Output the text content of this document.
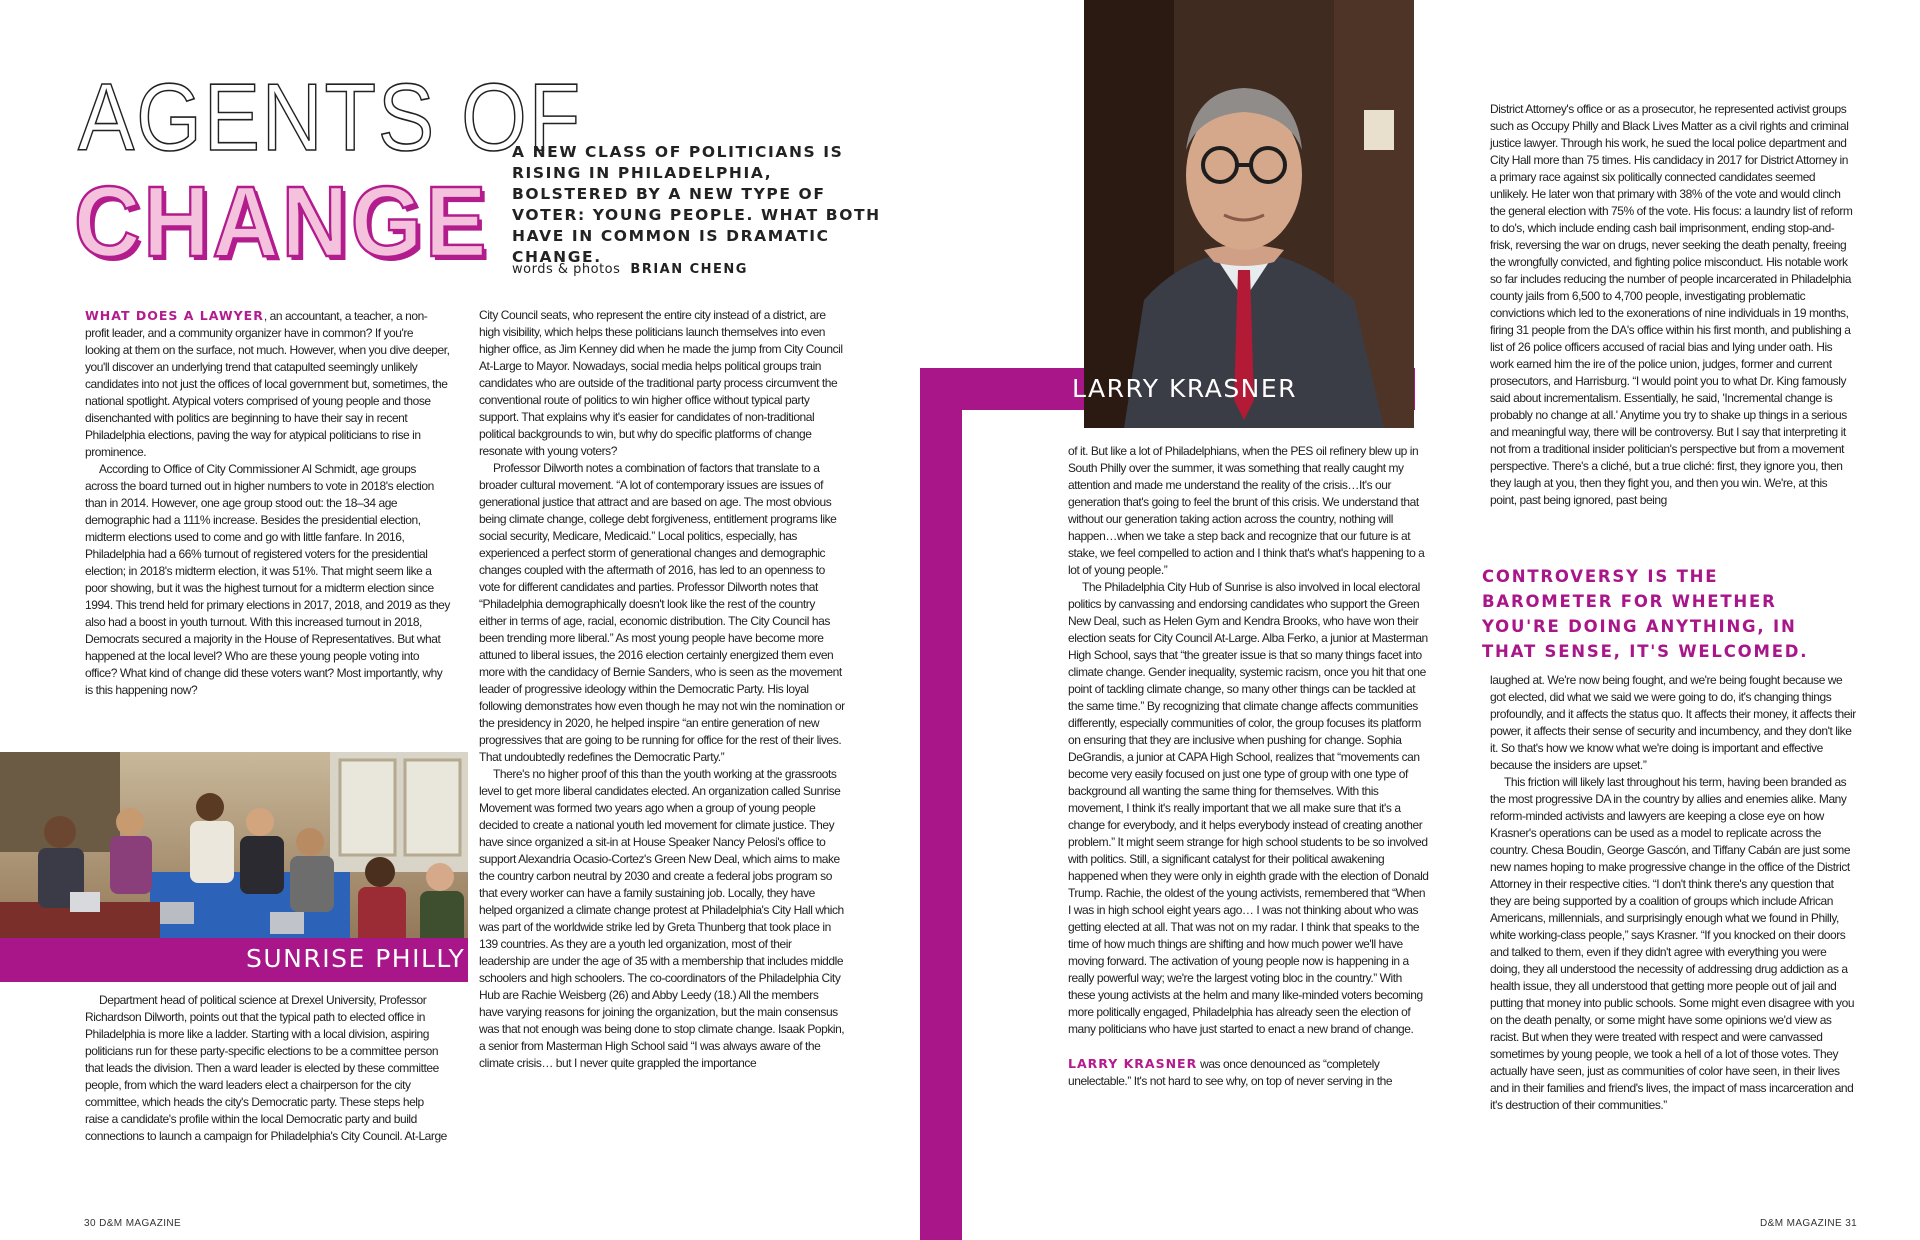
AGENTS OF
CHANGE
A NEW CLASS OF POLITICIANS IS RISING IN PHILADELPHIA, BOLSTERED BY A NEW TYPE OF VOTER: YOUNG PEOPLE. WHAT BOTH HAVE IN COMMON IS DRAMATIC CHANGE.
words & photos BRIAN CHENG

WHAT DOES A LAWYER, an accountant, a teacher, a non-profit leader, and a community organizer have in common? If you're looking at them on the surface, not much. However, when you dive deeper, you'll discover an underlying trend that catapulted seemingly unlikely candidates into not just the offices of local government but, sometimes, the national spotlight. Atypical voters comprised of young people and those disenchanted with politics are beginning to have their say in recent Philadelphia elections, paving the way for atypical politicians to rise in prominence.

According to Office of City Commissioner Al Schmidt, age groups across the board turned out in higher numbers to vote in 2018's election than in 2014. However, one age group stood out: the 18–34 age demographic had a 111% increase. Besides the presidential election, midterm elections used to come and go with little fanfare. In 2016, Philadelphia had a 66% turnout of registered voters for the presidential election; in 2018's midterm election, it was 51%. That might seem like a poor showing, but it was the highest turnout for a midterm election since 1994. This trend held for primary elections in 2017, 2018, and 2019 as they also had a boost in youth turnout. With this increased turnout in 2018, Democrats secured a majority in the House of Representatives. But what happened at the local level? Who are these young people voting into office? What kind of change did these voters want? Most importantly, why is this happening now?

SUNRISE PHILLY

Department head of political science at Drexel University, Professor Richardson Dilworth, points out that the typical path to elected office in Philadelphia is more like a ladder. Starting with a local division, aspiring politicians run for these party-specific elections to be a committee person that leads the division. Then a ward leader is elected by these committee people, from which the ward leaders elect a chairperson for the city committee, which heads the city's Democratic party. These steps help raise a candidate's profile within the local Democratic party and build connections to launch a campaign for Philadelphia's City Council. At-Large

City Council seats, who represent the entire city instead of a district, are high visibility, which helps these politicians launch themselves into even higher office, as Jim Kenney did when he made the jump from City Council At-Large to Mayor. Nowadays, social media helps political groups train candidates who are outside of the traditional party process circumvent the conventional route of politics to win higher office without typical party support. That explains why it's easier for candidates of non-traditional political backgrounds to win, but why do specific platforms of change resonate with young voters?

Professor Dilworth notes a combination of factors that translate to a broader cultural movement. “A lot of contemporary issues are issues of generational justice that attract and are based on age. The most obvious being climate change, college debt forgiveness, entitlement programs like social security, Medicare, Medicaid.” Local politics, especially, has experienced a perfect storm of generational changes and demographic changes coupled with the aftermath of 2016, has led to an openness to vote for different candidates and parties. Professor Dilworth notes that “Philadelphia demographically doesn't look like the rest of the country either in terms of age, racial, economic distribution. The City Council has been trending more liberal.” As most young people have become more attuned to liberal issues, the 2016 election certainly energized them even more with the candidacy of Bernie Sanders, who is seen as the movement leader of progressive ideology within the Democratic Party. His loyal following demonstrates how even though he may not win the nomination or the presidency in 2020, he helped inspire “an entire generation of new progressives that are going to be running for office for the rest of their lives. That undoubtedly redefines the Democratic Party.”

There's no higher proof of this than the youth working at the grassroots level to get more liberal candidates elected. An organization called Sunrise Movement was formed two years ago when a group of young people decided to create a national youth led movement for climate justice. They have since organized a sit-in at House Speaker Nancy Pelosi's office to support Alexandria Ocasio-Cortez's Green New Deal, which aims to make the country carbon neutral by 2030 and create a federal jobs program so that every worker can have a family sustaining job. Locally, they have helped organized a climate change protest at Philadelphia's City Hall which was part of the worldwide strike led by Greta Thunberg that took place in 139 countries. As they are a youth led organization, most of their leadership are under the age of 35 with a membership that includes middle schoolers and high schoolers. The co-coordinators of the Philadelphia City Hub are Rachie Weisberg (26) and Abby Leedy (18.) All the members have varying reasons for joining the organization, but the main consensus was that not enough was being done to stop climate change. Isaak Popkin, a senior from Masterman High School said “I was always aware of the climate crisis… but I never quite grappled the importance

30 D&M MAGAZINE
LARRY KRASNER

of it. But like a lot of Philadelphians, when the PES oil refinery blew up in South Philly over the summer, it was something that really caught my attention and made me understand the reality of the crisis…It's our generation that's going to feel the brunt of this crisis. We understand that without our generation taking action across the country, nothing will happen…when we take a step back and recognize that our future is at stake, we feel compelled to action and I think that's what's happening to a lot of young people.”

The Philadelphia City Hub of Sunrise is also involved in local electoral politics by canvassing and endorsing candidates who support the Green New Deal, such as Helen Gym and Kendra Brooks, who have won their election seats for City Council At-Large. Alba Ferko, a junior at Masterman High School, says that “the greater issue is that so many things facet into climate change. Gender inequality, systemic racism, once you hit that one point of tackling climate change, so many other things can be tackled at the same time.” By recognizing that climate change affects communities differently, especially communities of color, the group focuses its platform on ensuring that they are inclusive when pushing for change. Sophia DeGrandis, a junior at CAPA High School, realizes that “movements can become very easily focused on just one type of group with one type of background all wanting the same thing for themselves. With this movement, I think it's really important that we all make sure that it's a change for everybody, and it helps everybody instead of creating another problem.” It might seem strange for high school students to be so involved with politics. Still, a significant catalyst for their political awakening happened when they were only in eighth grade with the election of Donald Trump. Rachie, the oldest of the young activists, remembered that “When I was in high school eight years ago… I was not thinking about who was getting elected at all. That was not on my radar. I think that speaks to the time of how much things are shifting and how much power we'll have moving forward. The activation of young people now is happening in a really powerful way; we're the largest voting bloc in the country.” With these young activists at the helm and many like-minded voters becoming more politically engaged, Philadelphia has already seen the election of many politicians who have just started to enact a new brand of change.

LARRY KRASNER was once denounced as “completely unelectable.” It's not hard to see why, on top of never serving in the

District Attorney's office or as a prosecutor, he represented activist groups such as Occupy Philly and Black Lives Matter as a civil rights and criminal justice lawyer. Through his work, he sued the local police department and City Hall more than 75 times. His candidacy in 2017 for District Attorney in a primary race against six politically connected candidates seemed unlikely. He later won that primary with 38% of the vote and would clinch the general election with 75% of the vote. His focus: a laundry list of reform to do's, which include ending cash bail imprisonment, ending stop-and-frisk, reversing the war on drugs, never seeking the death penalty, freeing the wrongfully convicted, and fighting police misconduct. His notable work so far includes reducing the number of people incarcerated in Philadelphia county jails from 6,500 to 4,700 people, investigating problematic convictions which led to the exonerations of nine individuals in 19 months, firing 31 people from the DA's office within his first month, and publishing a list of 26 police officers accused of racial bias and lying under oath. His work earned him the ire of the police union, judges, former and current prosecutors, and Harrisburg. “I would point you to what Dr. King famously said about incrementalism. Essentially, he said, 'Incremental change is probably no change at all.' Anytime you try to shake up things in a serious and meaningful way, there will be controversy. But I say that interpreting it not from a traditional insider politician's perspective but from a movement perspective. There's a cliché, but a true cliché: first, they ignore you, then they laugh at you, then they fight you, and then you win. We're, at this point, past being ignored, past being

CONTROVERSY IS THE BAROMETER FOR WHETHER YOU'RE DOING ANYTHING, IN THAT SENSE, IT'S WELCOMED.

laughed at. We're now being fought, and we're being fought because we got elected, did what we said we were going to do, it's changing things profoundly, and it affects the status quo. It affects their money, it affects their power, it affects their sense of security and incumbency, and they don't like it. So that's how we know what we're doing is important and effective because the insiders are upset.”

This friction will likely last throughout his term, having been branded as the most progressive DA in the country by allies and enemies alike. Many reform-minded activists and lawyers are keeping a close eye on how Krasner's operations can be used as a model to replicate across the country. Chesa Boudin, George Gascón, and Tiffany Cabán are just some new names hoping to make progressive change in the office of the District Attorney in their respective cities. “I don't think there's any question that they are being supported by a coalition of groups which include African Americans, millennials, and surprisingly enough what we found in Philly, white working-class people,” says Krasner. “If you knocked on their doors and talked to them, even if they didn't agree with everything you were doing, they all understood the necessity of addressing drug addiction as a health issue, they all understood that getting more people out of jail and putting that money into public schools. Some might even disagree with you on the death penalty, or some might have some opinions we'd view as racist. But when they were treated with respect and were canvassed sometimes by young people, we took a hell of a lot of those votes. They actually have seen, just as communities of color have seen, in their lives and in their families and friend's lives, the impact of mass incarceration and it's destruction of their communities.”

D&M MAGAZINE 31
